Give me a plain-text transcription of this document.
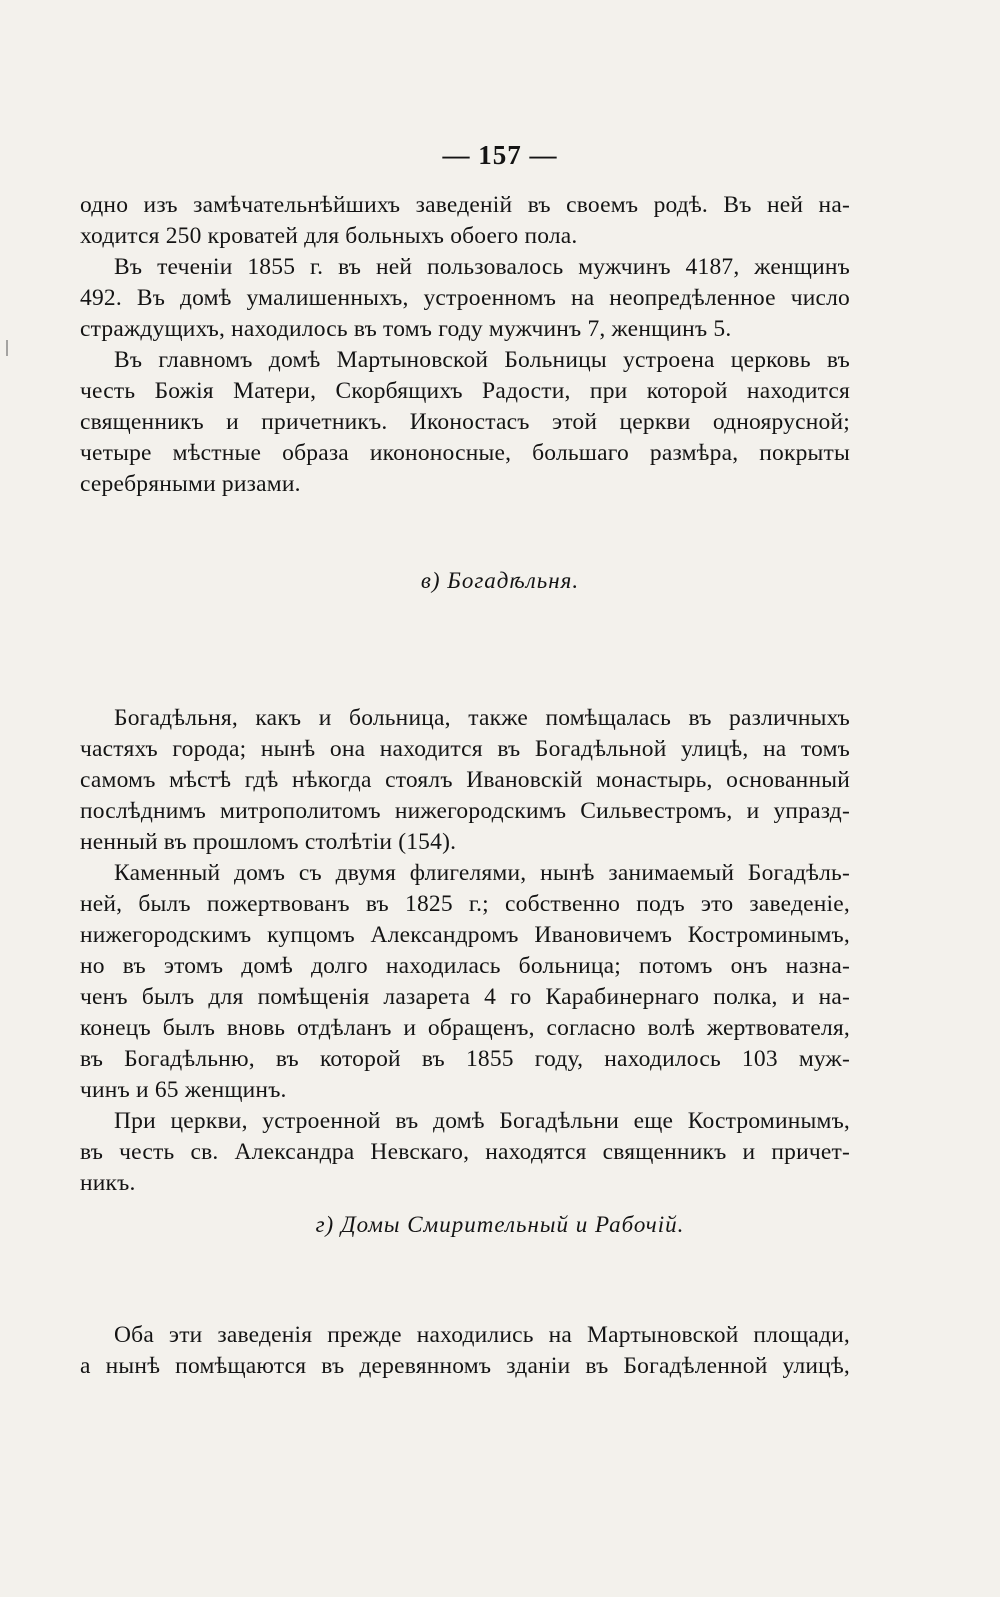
— 157 —
одно изъ замѣчательнѣйшихъ заведенiй въ своемъ родѣ. Въ ней на-
ходится 250 кроватей для больныхъ обоего пола.
Въ теченiи 1855 г. въ ней пользовалось мужчинъ 4187, женщинъ
492. Въ домѣ умалишенныхъ, устроенномъ на неопредѣленное число
страждущихъ, находилось въ томъ году мужчинъ 7, женщинъ 5.
Въ главномъ домѣ Мартыновской Больницы устроена церковь въ
честь Божiя Матери, Скорбящихъ Радости, при которой находится
священникъ и причетникъ. Иконостасъ этой церкви одноярусной;
четыре мѣстные образа икононосные, большаго размѣра, покрыты
серебряными ризами.
в) Богадѣльня.
Богадѣльня, какъ и больница, также помѣщалась въ различныхъ
частяхъ города; нынѣ она находится въ Богадѣльной улицѣ, на томъ
самомъ мѣстѣ гдѣ нѣкогда стоялъ Ивановскiй монастырь, основанный
послѣднимъ митрополитомъ нижегородскимъ Сильвестромъ, и упразд-
ненный въ прошломъ столѣтiи (154).
Каменный домъ съ двумя флигелями, нынѣ занимаемый Богадѣль-
ней, былъ пожертвованъ въ 1825 г.; собственно подъ это заведенiе,
нижегородскимъ купцомъ Александромъ Ивановичемъ Костроминымъ,
но въ этомъ домѣ долго находилась больница; потомъ онъ назна-
ченъ былъ для помѣщенiя лазарета 4 го Карабинернаго полка, и на-
конецъ былъ вновь отдѣланъ и обращенъ, согласно волѣ жертвователя,
въ Богадѣльню, въ которой въ 1855 году, находилось 103 муж-
чинъ и 65 женщинъ.
При церкви, устроенной въ домѣ Богадѣльни еще Костроминымъ,
въ честь св. Александра Невскаго, находятся священникъ и причет-
никъ.
г) Домы Смирительный и Рабочiй.
Оба эти заведенiя прежде находились на Мартыновской площади,
а нынѣ помѣщаются въ деревянномъ зданiи въ Богадѣленной улицѣ,
